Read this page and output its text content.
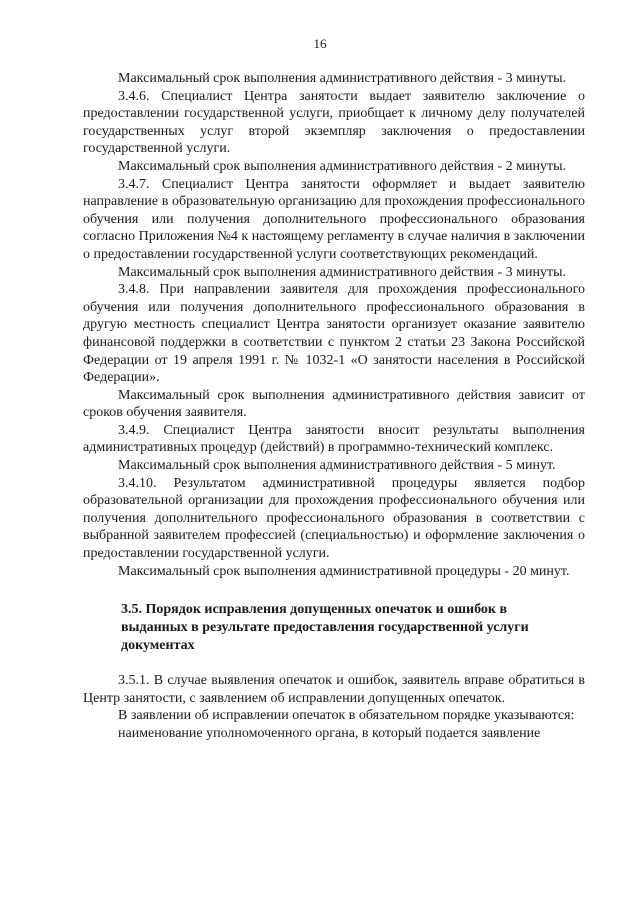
16

Максимальный срок выполнения административного действия - 3 минуты.

3.4.6. Специалист Центра занятости выдает заявителю заключение о предоставлении государственной услуги, приобщает к личному делу получателей государственных услуг второй экземпляр заключения о предоставлении государственной услуги.

Максимальный срок выполнения административного действия - 2 минуты.

3.4.7. Специалист Центра занятости оформляет и выдает заявителю направление в образовательную организацию для прохождения профессионального обучения или получения дополнительного профессионального образования согласно Приложения №4 к настоящему регламенту в случае наличия в заключении о предоставлении государственной услуги соответствующих рекомендаций.

Максимальный срок выполнения административного действия - 3 минуты.

3.4.8. При направлении заявителя для прохождения профессионального обучения или получения дополнительного профессионального образования в другую местность специалист Центра занятости организует оказание заявителю финансовой поддержки в соответствии с пунктом 2 статьи 23 Закона Российской Федерации от 19 апреля 1991 г. № 1032-1 «О занятости населения в Российской Федерации».

Максимальный срок выполнения административного действия зависит от сроков обучения заявителя.

3.4.9. Специалист Центра занятости вносит результаты выполнения административных процедур (действий) в программно-технический комплекс.

Максимальный срок выполнения административного действия - 5 минут.

3.4.10. Результатом административной процедуры является подбор образовательной организации для прохождения профессионального обучения или получения дополнительного профессионального образования в соответствии с выбранной заявителем профессией (специальностью) и оформление заключения о предоставлении государственной услуги.

Максимальный срок выполнения административной процедуры - 20 минут.

3.5. Порядок исправления допущенных опечаток и ошибок в выданных в результате предоставления государственной услуги документах

3.5.1. В случае выявления опечаток и ошибок, заявитель вправе обратиться в Центр занятости, с заявлением об исправлении допущенных опечаток.

В заявлении об исправлении опечаток в обязательном порядке указываются:

наименование уполномоченного органа, в который подается заявление
